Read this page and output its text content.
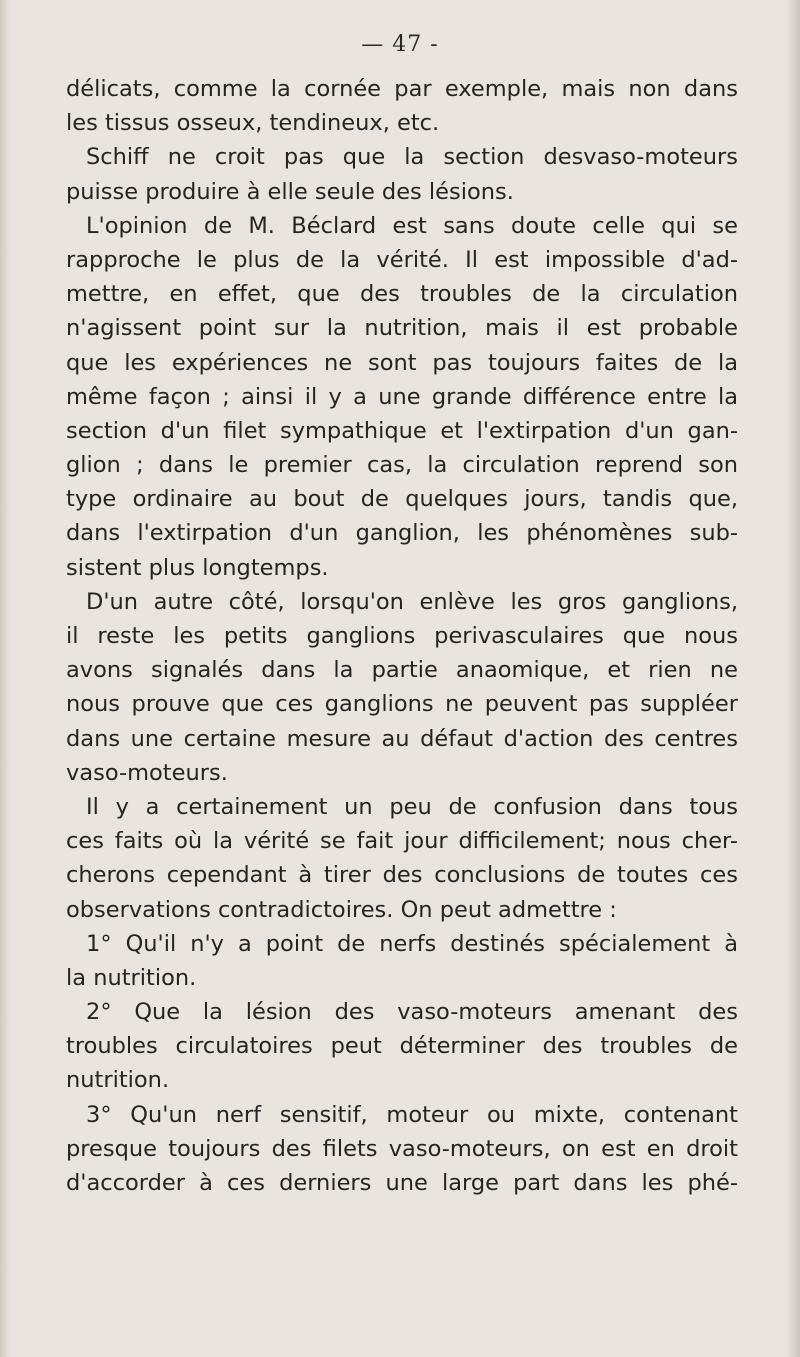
— 47 -
délicats, comme la cornée par exemple, mais non dans
les tissus osseux, tendineux, etc.
Schiff ne croit pas que la section desvaso-moteurs
puisse produire à elle seule des lésions.
L'opinion de M. Béclard est sans doute celle qui se
rapproche le plus de la vérité. Il est impossible d'ad-
mettre, en effet, que des troubles de la circulation
n'agissent point sur la nutrition, mais il est probable
que les expériences ne sont pas toujours faites de la
même façon ; ainsi il y a une grande différence entre la
section d'un filet sympathique et l'extirpation d'un gan-
glion ; dans le premier cas, la circulation reprend son
type ordinaire au bout de quelques jours, tandis que,
dans l'extirpation d'un ganglion, les phénomènes sub-
sistent plus longtemps.
D'un autre côté, lorsqu'on enlève les gros ganglions,
il reste les petits ganglions perivasculaires que nous
avons signalés dans la partie anaomique, et rien ne
nous prouve que ces ganglions ne peuvent pas suppléer
dans une certaine mesure au défaut d'action des centres
vaso-moteurs.
Il y a certainement un peu de confusion dans tous
ces faits où la vérité se fait jour difficilement; nous cher-
cherons cependant à tirer des conclusions de toutes ces
observations contradictoires. On peut admettre :
1° Qu'il n'y a point de nerfs destinés spécialement à
la nutrition.
2° Que la lésion des vaso-moteurs amenant des
troubles circulatoires peut déterminer des troubles de
nutrition.
3° Qu'un nerf sensitif, moteur ou mixte, contenant
presque toujours des filets vaso-moteurs, on est en droit
d'accorder à ces derniers une large part dans les phé-
